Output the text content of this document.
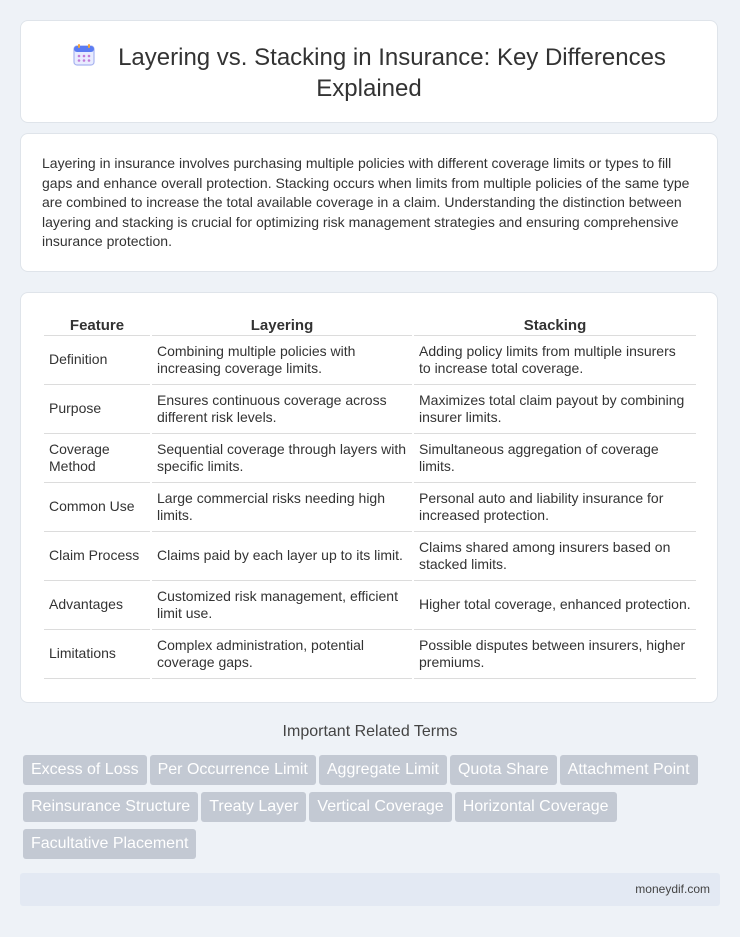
Layering vs. Stacking in Insurance: Key Differences
Explained

Layering in insurance involves purchasing multiple policies with different coverage limits or types to fill gaps and enhance overall protection. Stacking occurs when limits from multiple policies of the same type are combined to increase the total available coverage in a claim. Understanding the distinction between layering and stacking is crucial for optimizing risk management strategies and ensuring comprehensive insurance protection.

Feature	Layering	Stacking
Definition	Combining multiple policies with increasing coverage limits.	Adding policy limits from multiple insurers to increase total coverage.
Purpose	Ensures continuous coverage across different risk levels.	Maximizes total claim payout by combining insurer limits.
Coverage Method	Sequential coverage through layers with specific limits.	Simultaneous aggregation of coverage limits.
Common Use	Large commercial risks needing high limits.	Personal auto and liability insurance for increased protection.
Claim Process	Claims paid by each layer up to its limit.	Claims shared among insurers based on stacked limits.
Advantages	Customized risk management, efficient limit use.	Higher total coverage, enhanced protection.
Limitations	Complex administration, potential coverage gaps.	Possible disputes between insurers, higher premiums.
Important Related Terms
Excess of Loss Per Occurrence Limit Aggregate Limit Quota Share Attachment Point
Reinsurance Structure Treaty Layer Vertical Coverage Horizontal Coverage
Facultative Placement
moneydif.com
